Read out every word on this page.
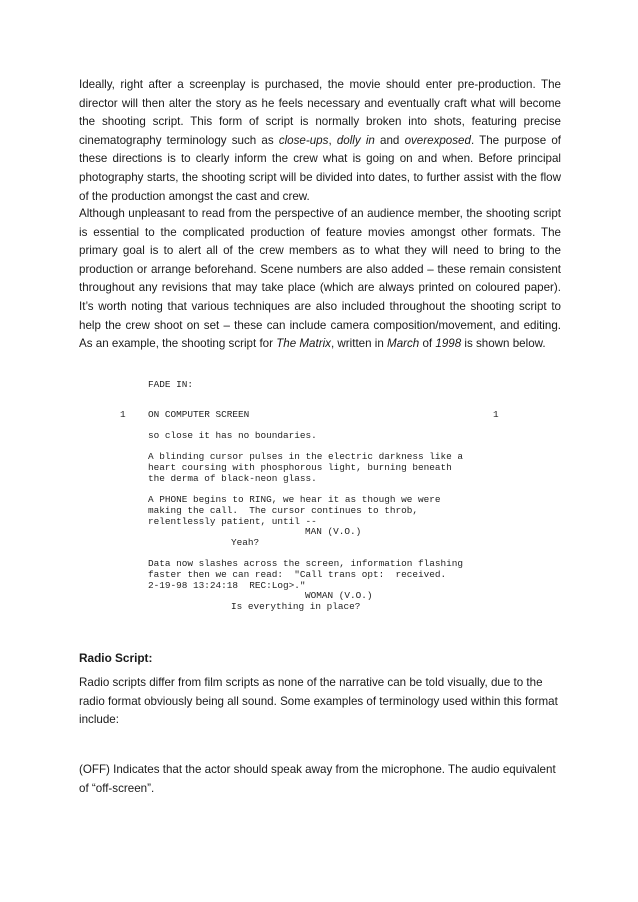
Ideally, right after a screenplay is purchased, the movie should enter pre-production. The director will then alter the story as he feels necessary and eventually craft what will become the shooting script. This form of script is normally broken into shots, featuring precise cinematography terminology such as close-ups, dolly in and overexposed. The purpose of these directions is to clearly inform the crew what is going on and when. Before principal photography starts, the shooting script will be divided into dates, to further assist with the flow of the production amongst the cast and crew.

Although unpleasant to read from the perspective of an audience member, the shooting script is essential to the complicated production of feature movies amongst other formats. The primary goal is to alert all of the crew members as to what they will need to bring to the production or arrange beforehand. Scene numbers are also added – these remain consistent throughout any revisions that may take place (which are always printed on coloured paper). It’s worth noting that various techniques are also included throughout the shooting script to help the crew shoot on set – these can include camera composition/movement, and editing. As an example, the shooting script for The Matrix, written in March of 1998 is shown below.

FADE IN:
1 ON COMPUTER SCREEN	1
so close it has no boundaries.
A blinding cursor pulses in the electric darkness like a
heart coursing with phosphorous light, burning beneath
the derma of black-neon glass.
A PHONE begins to RING, we hear it as though we were
making the call.  The cursor continues to throb,
relentlessly patient, until --
MAN (V.O.)
Yeah?
Data now slashes across the screen, information flashing
faster then we can read:  "Call trans opt:  received.
2-19-98 13:24:18  REC:Log>."
WOMAN (V.O.)
Is everything in place?

Radio Script:

Radio scripts differ from film scripts as none of the narrative can be told visually, due to the radio format obviously being all sound. Some examples of terminology used within this format include:

(OFF) Indicates that the actor should speak away from the microphone. The audio equivalent of “off-screen”.
